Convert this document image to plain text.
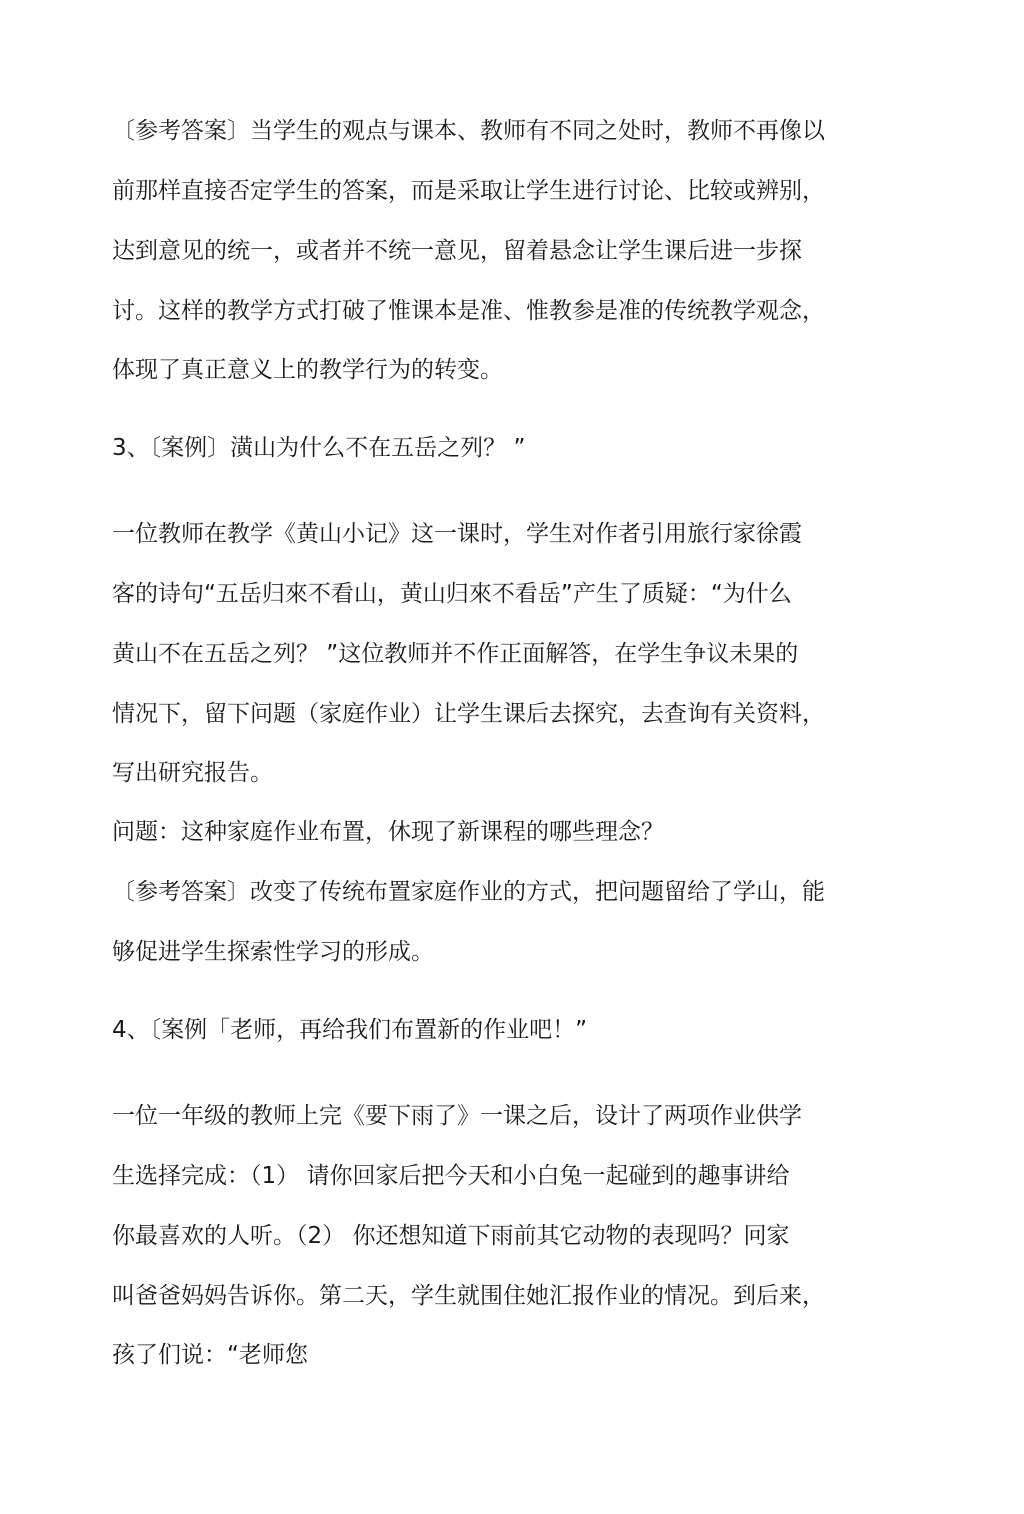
〔参考答案〕当学生的观点与课本、教师有不同之处时，教师不再像以
前那样直接否定学生的答案，而是采取让学生进行讨论、比较或辨别，
达到意见的统一，或者并不统一意见，留着悬念让学生课后进一步探
讨。这样的教学方式打破了惟课本是准、惟教参是准的传统教学观念，
体现了真正意义上的教学行为的转变。
3、〔案例〕潢山为什么不在五岳之列？ ”
一位教师在教学《黄山小记》这一课时，学生对作者引用旅行家徐霞
客的诗句“五岳归來不看山，黄山归來不看岳”产生了质疑：“为什么
黄山不在五岳之列？ ”这位教师并不作正面解答，在学生争议未果的
情况下，留下问题（家庭作业）让学生课后去探究，去查询有关资料，
写出研究报告。
问题：这种家庭作业布置，休现了新课程的哪些理念？
〔参考答案〕改变了传统布置家庭作业的方式，把问题留给了学山，能
够促进学生探索性学习的形成。
4、〔案例「老师，再给我们布置新的作业吧！”
一位一年级的教师上完《要下雨了》一课之后，设计了两项作业供学
生选择完成：（1） 请你回家后把今天和小白兔一起碰到的趣事讲给
你最喜欢的人听。（2） 你还想知道下雨前其它动物的表现吗？冋家
叫爸爸妈妈告诉你。第二天，学生就围住她汇报作业的情况。到后来，
孩了们说：“老师您
